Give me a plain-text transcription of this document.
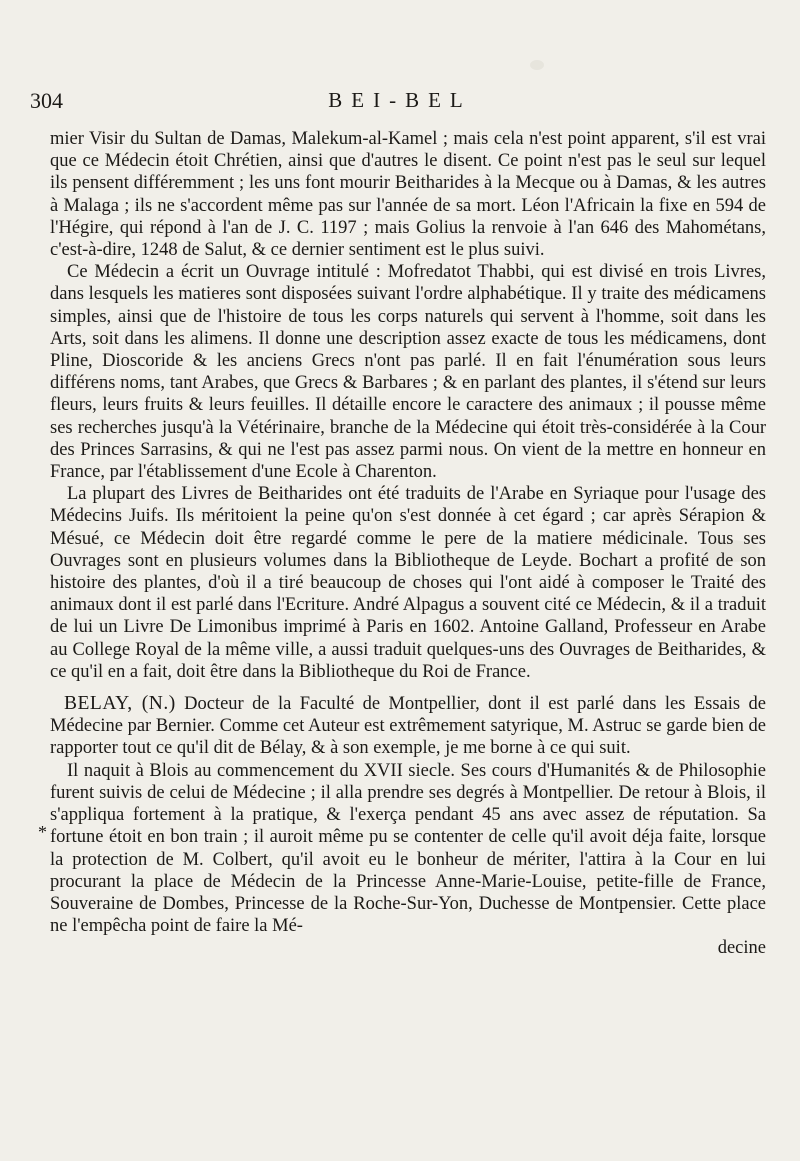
304	BEI-BEL
*

mier Visir du Sultan de Damas, Malekum-al-Kamel ; mais cela n'est point apparent, s'il est vrai que ce Médecin étoit Chrétien, ainsi que d'autres le disent. Ce point n'est pas le seul sur lequel ils pensent différemment ; les uns font mourir Beitharides à la Mecque ou à Damas, & les autres à Malaga ; ils ne s'accordent même pas sur l'année de sa mort. Léon l'Africain la fixe en 594 de l'Hégire, qui répond à l'an de J. C. 1197 ; mais Golius la renvoie à l'an 646 des Mahométans, c'est-à-dire, 1248 de Salut, & ce dernier sentiment est le plus suivi.

Ce Médecin a écrit un Ouvrage intitulé : Mofredatot Thabbi, qui est divisé en trois Livres, dans lesquels les matieres sont disposées suivant l'ordre alphabétique. Il y traite des médicamens simples, ainsi que de l'histoire de tous les corps naturels qui servent à l'homme, soit dans les Arts, soit dans les alimens. Il donne une description assez exacte de tous les médicamens, dont Pline, Dioscoride & les anciens Grecs n'ont pas parlé. Il en fait l'énumération sous leurs différens noms, tant Arabes, que Grecs & Barbares ; & en parlant des plantes, il s'étend sur leurs fleurs, leurs fruits & leurs feuilles. Il détaille encore le caractere des animaux ; il pousse même ses recherches jusqu'à la Vétérinaire, branche de la Médecine qui étoit très-considérée à la Cour des Princes Sarrasins, & qui ne l'est pas assez parmi nous. On vient de la mettre en honneur en France, par l'établissement d'une Ecole à Charenton.

La plupart des Livres de Beitharides ont été traduits de l'Arabe en Syriaque pour l'usage des Médecins Juifs. Ils méritoient la peine qu'on s'est donnée à cet égard ; car après Sérapion & Mésué, ce Médecin doit être regardé comme le pere de la matiere médicinale. Tous ses Ouvrages sont en plusieurs volumes dans la Bibliotheque de Leyde. Bochart a profité de son histoire des plantes, d'où il a tiré beaucoup de choses qui l'ont aidé à composer le Traité des animaux dont il est parlé dans l'Ecriture. André Alpagus a souvent cité ce Médecin, & il a traduit de lui un Livre De Limonibus imprimé à Paris en 1602. Antoine Galland, Professeur en Arabe au College Royal de la même ville, a aussi traduit quelques-uns des Ouvrages de Beitharides, & ce qu'il en a fait, doit être dans la Bibliotheque du Roi de France.

BELAY, (N.) Docteur de la Faculté de Montpellier, dont il est parlé dans les Essais de Médecine par Bernier. Comme cet Auteur est extrêmement satyrique, M. Astruc se garde bien de rapporter tout ce qu'il dit de Bélay, & à son exemple, je me borne à ce qui suit.

Il naquit à Blois au commencement du XVII siecle. Ses cours d'Humanités & de Philosophie furent suivis de celui de Médecine ; il alla prendre ses degrés à Montpellier. De retour à Blois, il s'appliqua fortement à la pratique, & l'exerça pendant 45 ans avec assez de réputation. Sa fortune étoit en bon train ; il auroit même pu se contenter de celle qu'il avoit déja faite, lorsque la protection de M. Colbert, qu'il avoit eu le bonheur de mériter, l'attira à la Cour en lui procurant la place de Médecin de la Princesse Anne-Marie-Louise, petite-fille de France, Souveraine de Dombes, Princesse de la Roche-Sur-Yon, Duchesse de Montpensier. Cette place ne l'empêcha point de faire la Mé-

decine
